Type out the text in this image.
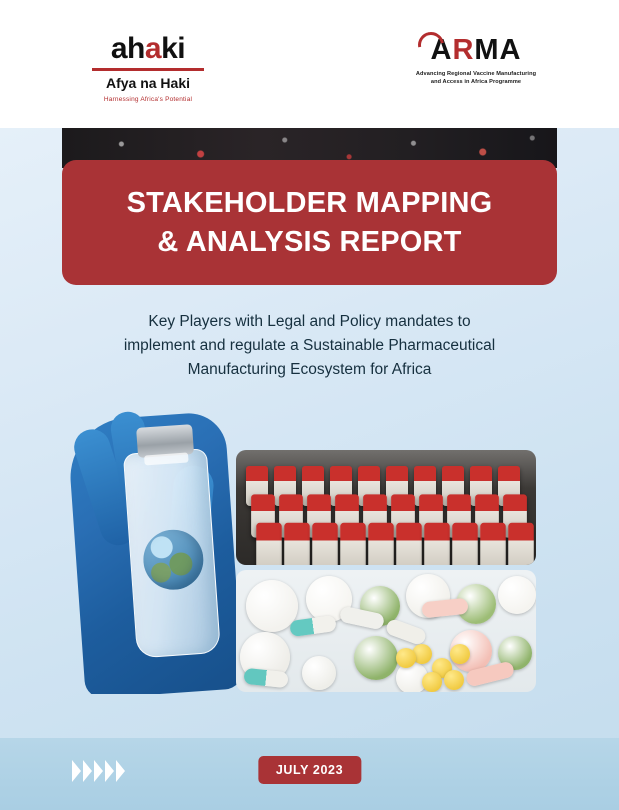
ahaki
Afya na Haki
Harnessing Africa's Potential
ARMA
Advancing Regional Vaccine Manufacturing and Access in Africa Programme
STAKEHOLDER MAPPING
& ANALYSIS REPORT
Key Players with Legal and Policy mandates to
implement and regulate a Sustainable Pharmaceutical
Manufacturing Ecosystem for Africa
JULY 2023
